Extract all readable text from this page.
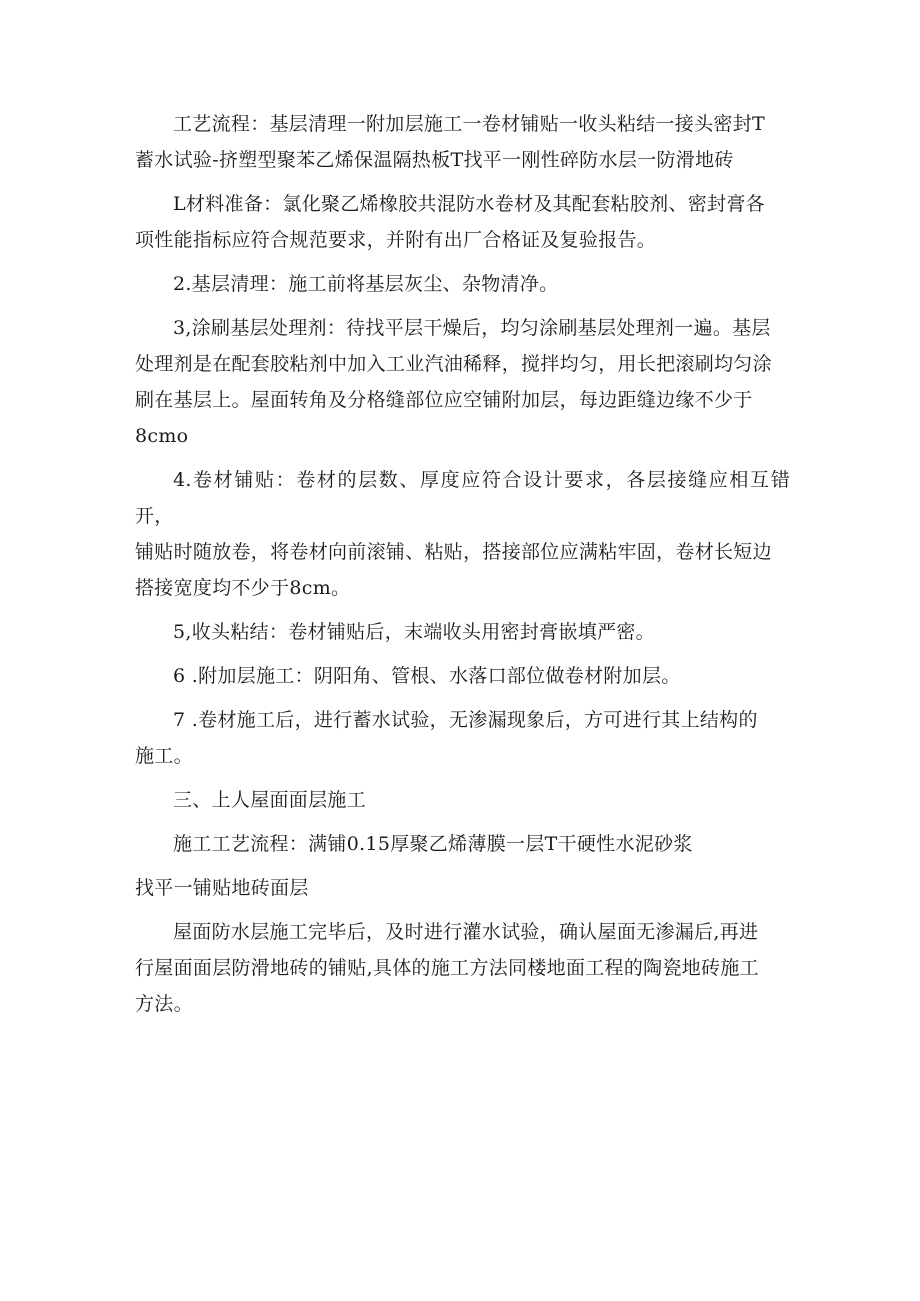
工艺流程：基层清理一附加层施工一卷材铺贴一收头粘结一接头密封T
蓄水试验-挤塑型聚苯乙烯保温隔热板T找平一刚性碎防水层一防滑地砖

L材料准备：氯化聚乙烯橡胶共混防水卷材及其配套粘胶剂、密封膏各
项性能指标应符合规范要求，并附有出厂合格证及复验报告。

2.基层清理：施工前将基层灰尘、杂物清净。

3,涂刷基层处理剂：待找平层干燥后，均匀涂刷基层处理剂一遍。基层
处理剂是在配套胶粘剂中加入工业汽油稀释，搅拌均匀，用长把滚刷均匀涂
刷在基层上。屋面转角及分格缝部位应空铺附加层，每边距缝边缘不少于
8cmo

4.卷材铺贴：卷材的层数、厚度应符合设计要求，各层接缝应相互错开，
铺贴时随放卷，将卷材向前滚铺、粘贴，搭接部位应满粘牢固，卷材长短边
搭接宽度均不少于8cm。

5,收头粘结：卷材铺贴后，末端收头用密封膏嵌填严密。

6 .附加层施工：阴阳角、管根、水落口部位做卷材附加层。

7 .卷材施工后，进行蓄水试验，无渗漏现象后，方可进行其上结构的
施工。

三、上人屋面面层施工

施工工艺流程：满铺0.15厚聚乙烯薄膜一层T干硬性水泥砂浆

找平一铺贴地砖面层

屋面防水层施工完毕后，及时进行灌水试验，确认屋面无渗漏后,再进
行屋面面层防滑地砖的铺贴,具体的施工方法同楼地面工程的陶瓷地砖施工
方法。
